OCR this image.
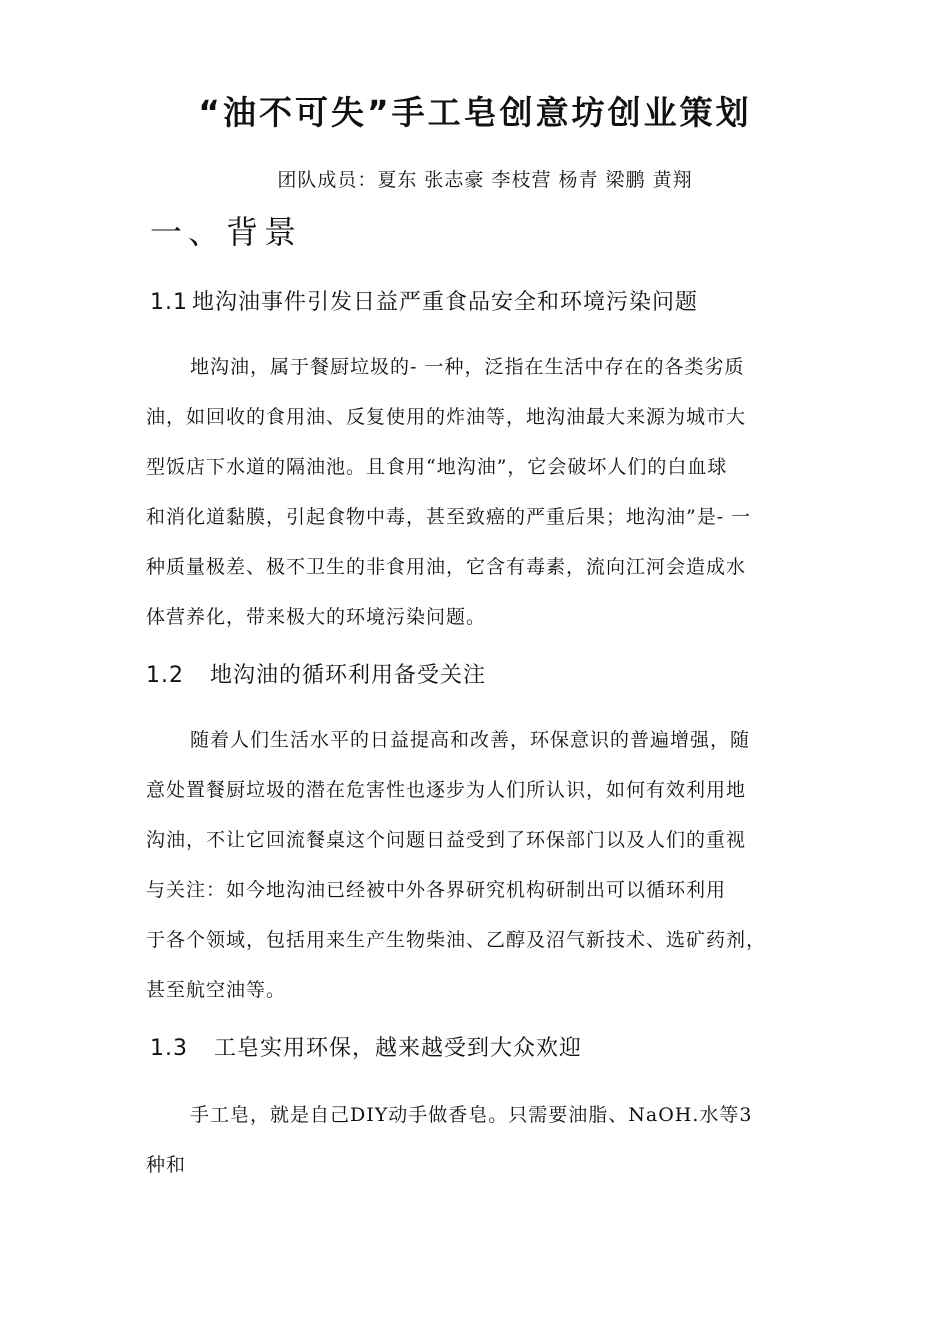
“油不可失”手工皂创意坊创业策划
团队成员：夏东 张志豪 李枝营 杨青 梁鹏 黄翔
一、背景
1.1 地沟油事件引发日益严重食品安全和环境污染问题
地沟油，属于餐厨垃圾的- 一种，泛指在生活中存在的各类劣质
油，如回收的食用油、反复使用的炸油等，地沟油最大来源为城市大
型饭店下水道的隔油池。且食用“地沟油”，它会破坏人们的白血球
和消化道黏膜，引起食物中毒，甚至致癌的严重后果；地沟油”是- 一
种质量极差、极不卫生的非食用油，它含有毒素，流向江河会造成水
体营养化，带来极大的环境污染问题。
1.2 地沟油的循环利用备受关注
随着人们生活水平的日益提高和改善，环保意识的普遍增强，随
意处置餐厨垃圾的潜在危害性也逐步为人们所认识，如何有效利用地
沟油，不让它回流餐桌这个问题日益受到了环保部门以及人们的重视
与关注：如今地沟油已经被中外各界研究机构研制出可以循环利用
于各个领域，包括用来生产生物柴油、乙醇及沼气新技术、选矿药剂，
甚至航空油等。
1.3 工皂实用环保，越来越受到大众欢迎
手工皂，就是自己DIY动手做香皂。只需要油脂、NaOH.水等3
种和
